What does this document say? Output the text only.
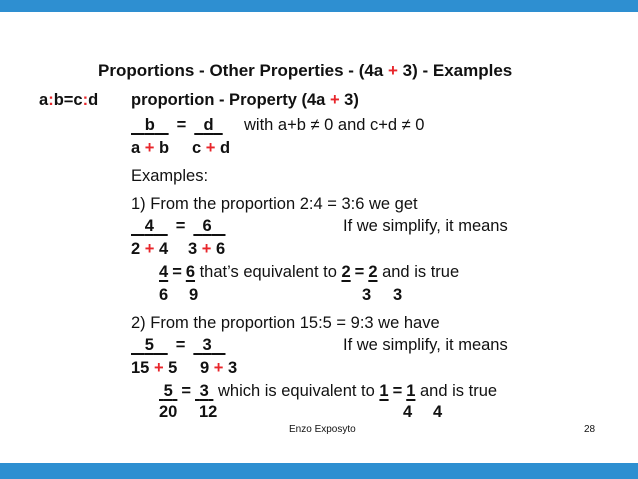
Proportions - Other Properties - (4a + 3) - Examples
a:b=c:d proportion - Property (4a + 3)
b = d	with a+b ≠ 0 and c+d ≠ 0
a + b c + d
Examples:
1) From the proportion 2:4 = 3:6 we get
4 = 6	If we simplify, it means
2 + 4 3 + 6
4 = 6 that’s equivalent to 2 = 2 and is true
6 9	3 3
2) From the proportion 15:5 = 9:3 we have
5 = 3	If we simplify, it means
15 + 5 9 + 3
5 = 3  which is equivalent to 1 = 1 and is true
20 12	4 4
Enzo Exposyto	28
